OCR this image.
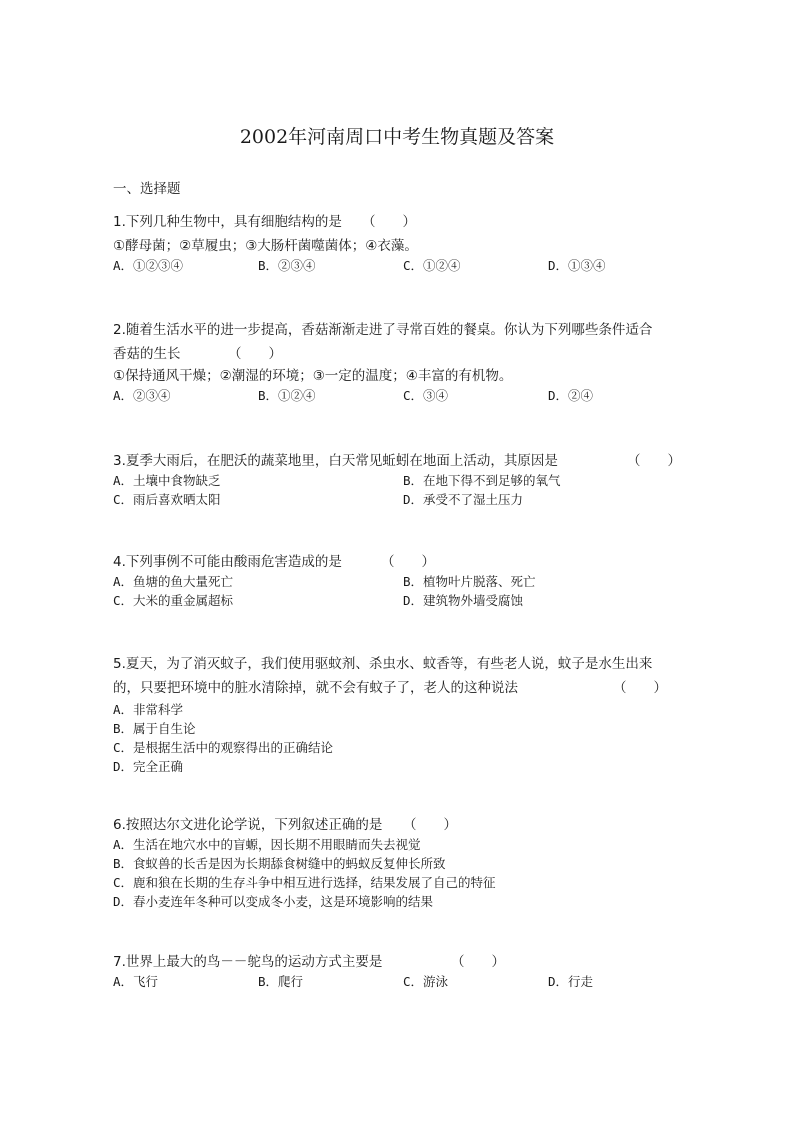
2002年河南周口中考生物真题及答案
一、选择题
1.下列几种生物中，具有细胞结构的是 （　　）
①酵母菌；②草履虫；③大肠杆菌噬菌体；④衣藻。
A．①②③④	B．②③④	C．①②④	D．①③④
2.随着生活水平的进一步提高，香菇渐渐走进了寻常百姓的餐桌。你认为下列哪些条件适合
香菇的生长	（　　）
①保持通风干燥；②潮湿的环境；③一定的温度；④丰富的有机物。
A．②③④	B．①②④	C．③④	D．②④
3.夏季大雨后，在肥沃的蔬菜地里，白天常见蚯蚓在地面上活动，其原因是	（　　）
A．土壤中食物缺乏	B．在地下得不到足够的氧气
C．雨后喜欢晒太阳	D．承受不了湿土压力
4.下列事例不可能由酸雨危害造成的是	（　　）
A．鱼塘的鱼大量死亡	B．植物叶片脱落、死亡
C．大米的重金属超标	D．建筑物外墙受腐蚀
5.夏天，为了消灭蚊子，我们使用驱蚊剂、杀虫水、蚊香等，有些老人说，蚊子是水生出来
的，只要把环境中的脏水清除掉，就不会有蚊子了，老人的这种说法	（　　）
A．非常科学
B．属于自生论
C．是根据生活中的观察得出的正确结论
D．完全正确
6.按照达尔文进化论学说，下列叙述正确的是 （　　）
A．生活在地穴水中的盲螈，因长期不用眼睛而失去视觉
B．食蚁兽的长舌是因为长期舔食树缝中的蚂蚁反复伸长所致
C．鹿和狼在长期的生存斗争中相互进行选择，结果发展了自己的特征
D．春小麦连年冬种可以变成冬小麦，这是环境影响的结果
7.世界上最大的鸟－－鸵鸟的运动方式主要是	（　　）
A．飞行	B．爬行	C．游泳	D．行走
